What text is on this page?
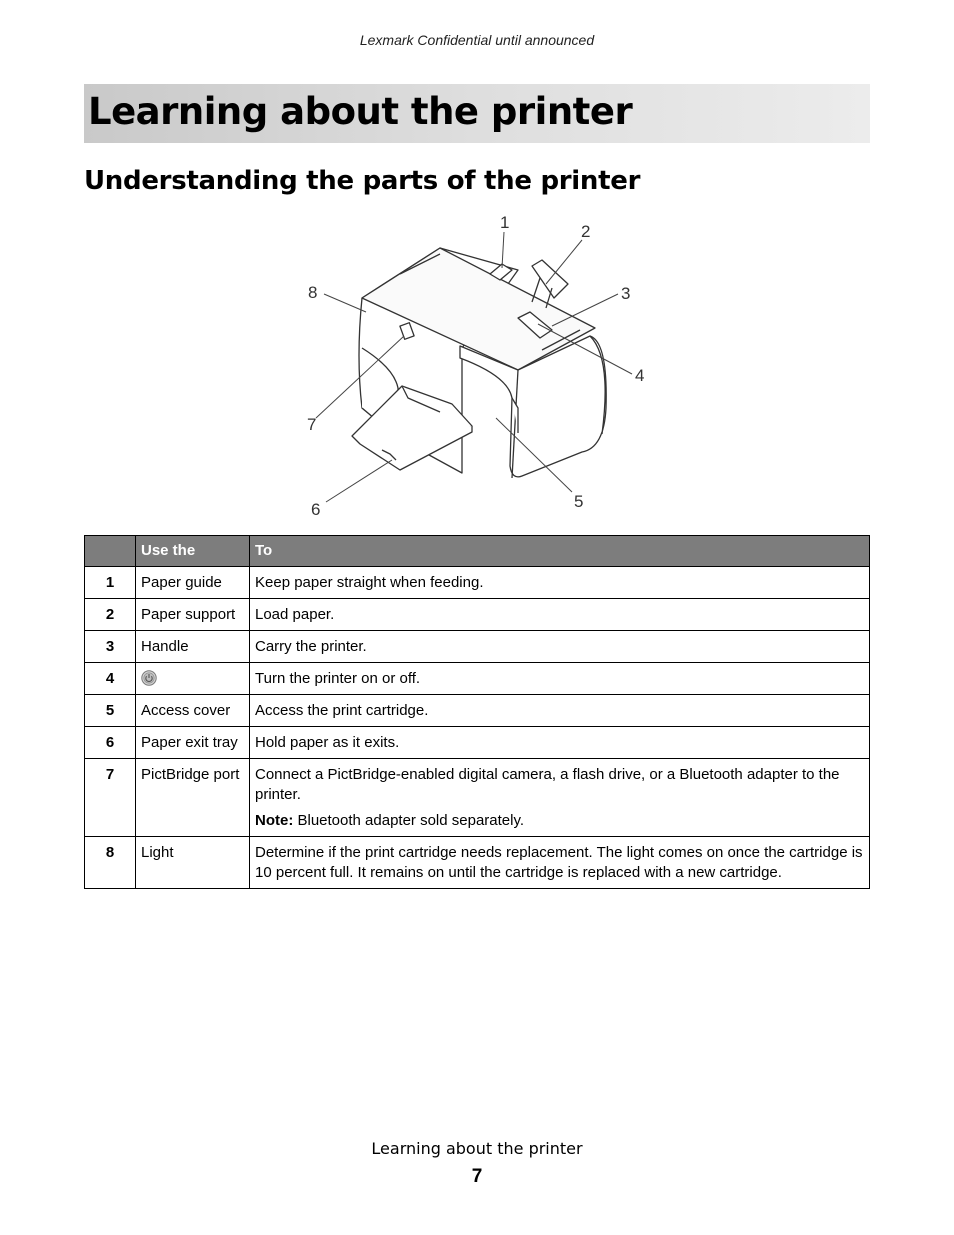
Lexmark Confidential until announced
Learning about the printer
Understanding the parts of the printer
1	2
3
4
5
6
7
8
	Use the	To
1	Paper guide	Keep paper straight when feeding.
2	Paper support	Load paper.
3	Handle	Carry the printer.
4		Turn the printer on or off.
5	Access cover	Access the print cartridge.
6	Paper exit tray	Hold paper as it exits.
7	PictBridge port	Connect a PictBridge-enabled digital camera, a flash drive, or a Bluetooth adapter to the printer.
Note: Bluetooth adapter sold separately.

8	Light	Determine if the print cartridge needs replacement. The light comes on once the cartridge is 10 percent full. It remains on until the cartridge is replaced with a new cartridge.
Learning about the printer
7
